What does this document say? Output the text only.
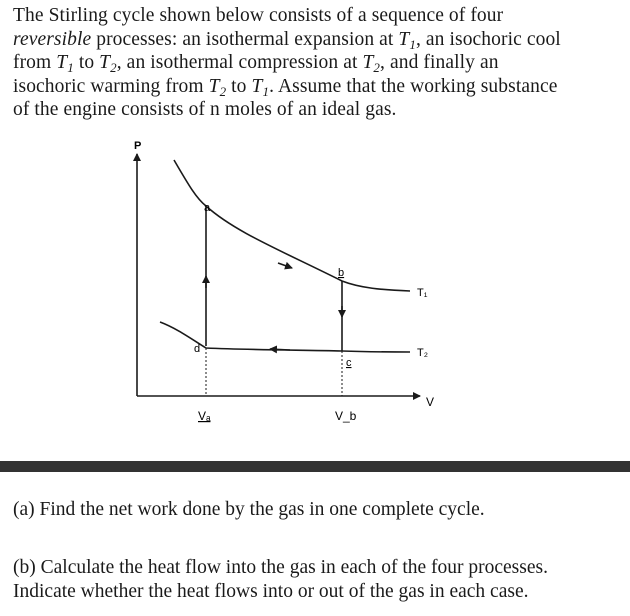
The Stirling cycle shown below consists of a sequence of four
reversible processes: an isothermal expansion at $T_1$, an isochoric cool
from $T_1$ to $T_2$, an isothermal compression at $T_2$, and finally an
isochoric warming from $T_2$ to $T_1$. Assume that the working substance
of the engine consists of n moles of an ideal gas.
P
V
a
b
c
d
T₁
T₂
Vₐ	V_b
(a) Find the net work done by the gas in one complete cycle.
(b) Calculate the heat flow into the gas in each of the four processes.
Indicate whether the heat flows into or out of the gas in each case.
